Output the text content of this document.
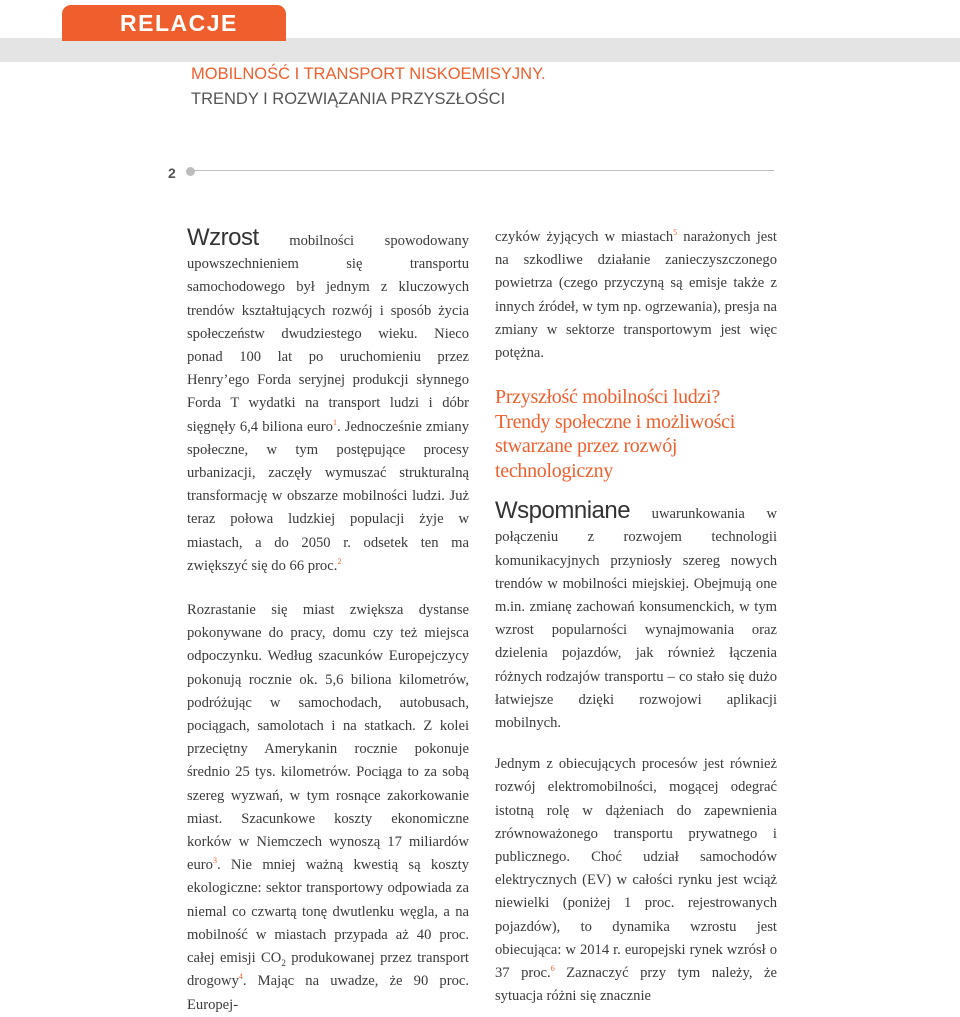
RELACJE
MOBILNOŚĆ I TRANSPORT NISKOEMISYJNY.
TRENDY I ROZWIĄZANIA PRZYSZŁOŚCI
2

Wzrost mobilności spowodowany upowszechnieniem się transportu samochodowego był jednym z kluczowych trendów kształtujących rozwój i sposób życia społeczeństw dwudziestego wieku. Nieco ponad 100 lat po uruchomieniu przez Henry’ego Forda seryjnej produkcji słynnego Forda T wydatki na transport ludzi i dóbr sięgnęły 6,4 biliona euro$^1$. Jednocześnie zmiany społeczne, w tym postępujące procesy urbanizacji, zaczęły wymuszać strukturalną transformację w obszarze mobilności ludzi. Już teraz połowa ludzkiej populacji żyje w miastach, a do 2050 r. odsetek ten ma zwiększyć się do 66 proc.$^2$

Rozrastanie się miast zwiększa dystanse pokonywane do pracy, domu czy też miejsca odpoczynku. Według szacunków Europejczycy pokonują rocznie ok. 5,6 biliona kilometrów, podróżując w samochodach, autobusach, pociągach, samolotach i na statkach. Z kolei przeciętny Amerykanin rocznie pokonuje średnio 25 tys. kilometrów. Pociąga to za sobą szereg wyzwań, w tym rosnące zakorkowanie miast. Szacunkowe koszty ekonomiczne korków w Niemczech wynoszą 17 miliardów euro$^3$. Nie mniej ważną kwestią są koszty ekologiczne: sektor transportowy odpowiada za niemal co czwartą tonę dwutlenku węgla, a na mobilność w miastach przypada aż 40 proc. całej emisji $CO_2$ produkowanej przez transport drogowy$^4$. Mając na uwadze, że 90 proc. Europej-

czyków żyjących w miastach$^5$ narażonych jest na szkodliwe działanie zanieczyszczonego powietrza (czego przyczyną są emisje także z innych źródeł, w tym np. ogrzewania), presja na zmiany w sektorze transportowym jest więc potężna.

Przyszłość mobilności ludzi?
Trendy społeczne i możliwości stwarzane przez rozwój technologiczny

Wspomniane uwarunkowania w połączeniu z rozwojem technologii komunikacyjnych przyniosły szereg nowych trendów w mobilności miejskiej. Obejmują one m.in. zmianę zachowań konsumenckich, w tym wzrost popularności wynajmowania oraz dzielenia pojazdów, jak również łączenia różnych rodzajów transportu – co stało się dużo łatwiejsze dzięki rozwojowi aplikacji mobilnych.

Jednym z obiecujących procesów jest również rozwój elektromobilności, mogącej odegrać istotną rolę w dążeniach do zapewnienia zrównoważonego transportu prywatnego i publicznego. Choć udział samochodów elektrycznych (EV) w całości rynku jest wciąż niewielki (poniżej 1 proc. rejestrowanych pojazdów), to dynamika wzrostu jest obiecująca: w 2014 r. europejski rynek wzrósł o 37 proc.$^6$ Zaznaczyć przy tym należy, że sytuacja różni się znacznie
